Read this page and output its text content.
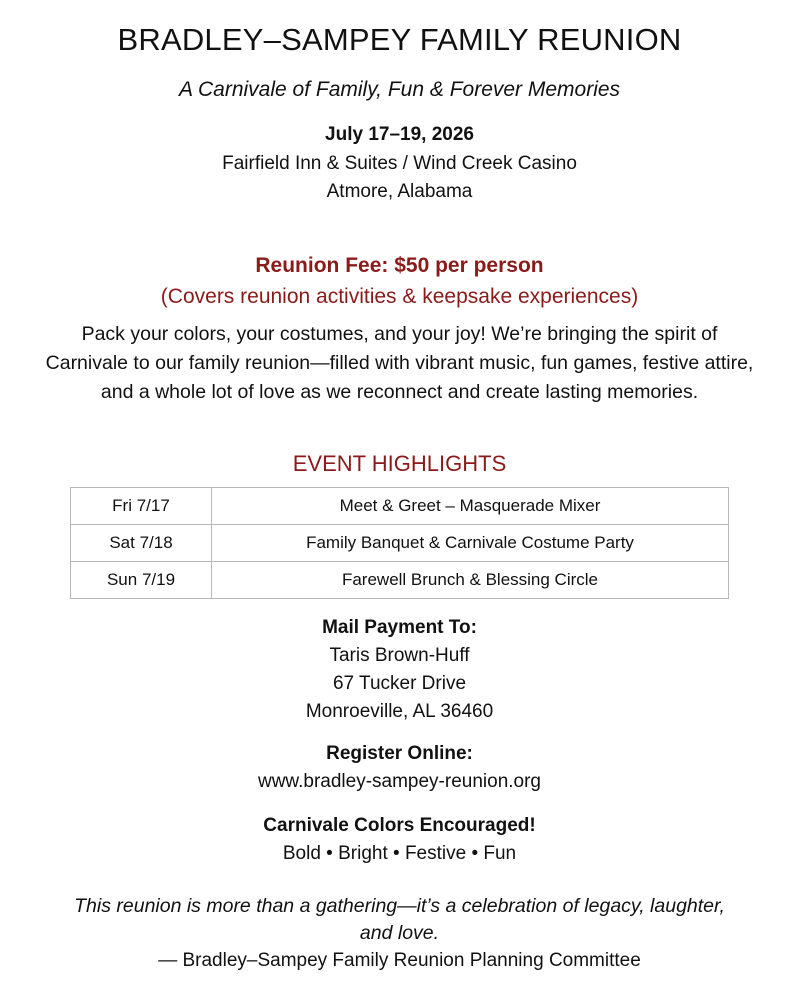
BRADLEY–SAMPEY FAMILY REUNION
A Carnivale of Family, Fun & Forever Memories
July 17–19, 2026
Fairfield Inn & Suites / Wind Creek Casino
Atmore, Alabama
Reunion Fee: $50 per person
(Covers reunion activities & keepsake experiences)
Pack your colors, your costumes, and your joy! We’re bringing the spirit of Carnivale to our family reunion—filled with vibrant music, fun games, festive attire, and a whole lot of love as we reconnect and create lasting memories.
EVENT HIGHLIGHTS
Fri 7/17	Meet & Greet – Masquerade Mixer
Sat 7/18	Family Banquet & Carnivale Costume Party
Sun 7/19	Farewell Brunch & Blessing Circle
Mail Payment To:
Taris Brown-Huff
67 Tucker Drive
Monroeville, AL 36460
Register Online:
www.bradley-sampey-reunion.org
Carnivale Colors Encouraged!
Bold • Bright • Festive • Fun
This reunion is more than a gathering—it’s a celebration of legacy, laughter, and love.
— Bradley–Sampey Family Reunion Planning Committee
